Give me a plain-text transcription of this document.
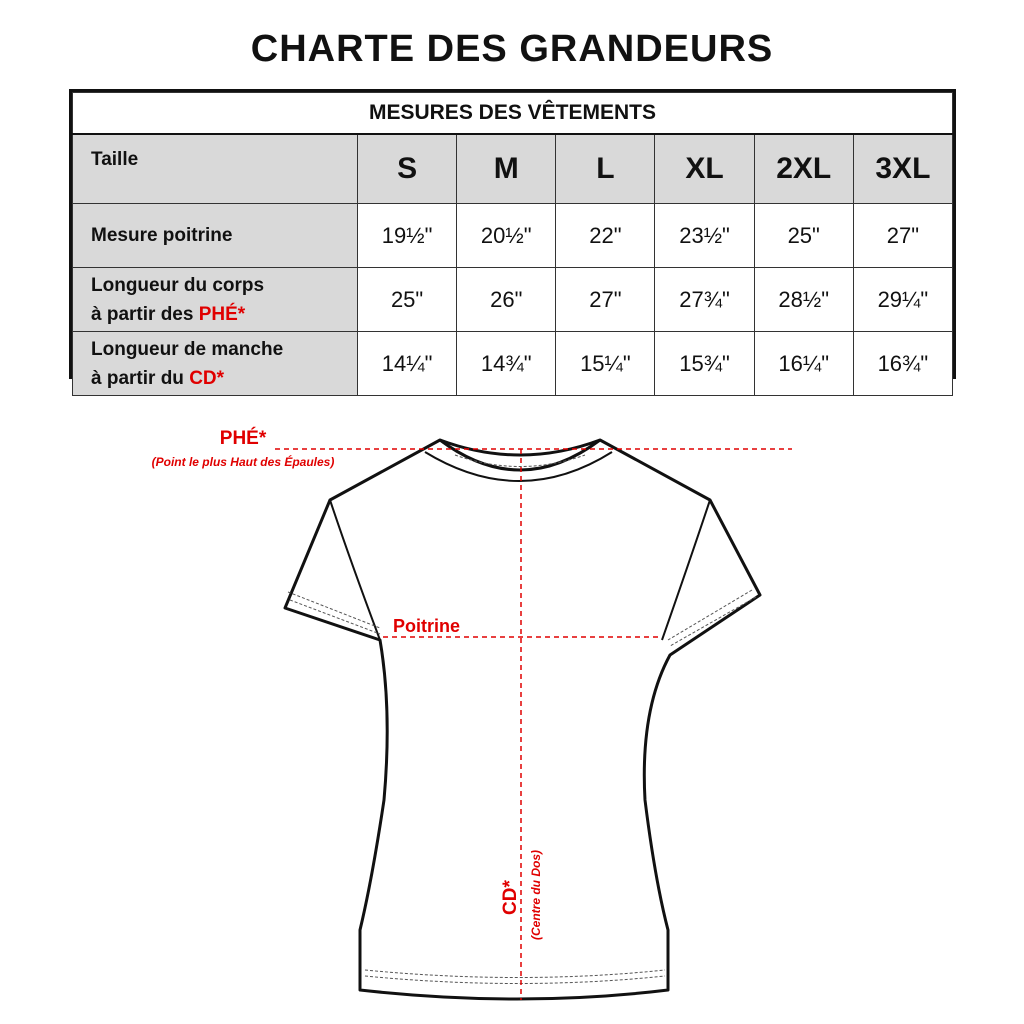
CHARTE DES GRANDEURS
MESURES DES VÊTEMENTS						
Taille	S	M	L	XL	2XL	3XL
Mesure poitrine	19½"	20½"	22"	23½"	25"	27"
Longueur du corps
à partir des PHÉ*	25"	26"	27"	27¾"	28½"	29¼"
Longueur de manche
à partir du CD*	14¼"	14¾"	15¼"	15¾"	16¼"	16¾"
PHÉ*
(Point le plus Haut des Épaules)
Poitrine
CD* (Centre du Dos)
